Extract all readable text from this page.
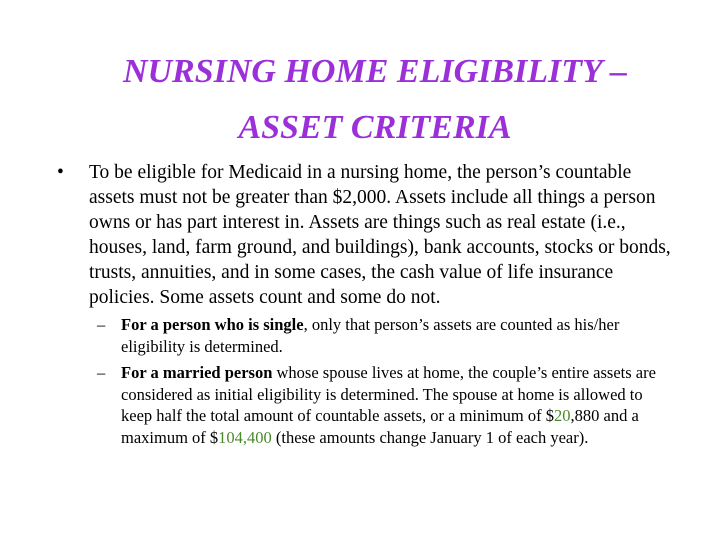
NURSING HOME ELIGIBILITY –
ASSET CRITERIA
•	To be eligible for Medicaid in a nursing home, the person’s countable assets must not be greater than $2,000. Assets include all things a person owns or has part interest in. Assets are things such as real estate (i.e., houses, land, farm ground, and buildings), bank accounts, stocks or bonds, trusts, annuities, and in some cases, the cash value of life insurance policies. Some assets count and some do not.
– For a person who is single, only that person’s assets are counted as his/her eligibility is determined.
– For a married person whose spouse lives at home, the couple’s entire assets are considered as initial eligibility is determined. The spouse at home is allowed to keep half the total amount of countable assets, or a minimum of $20,880 and a maximum of $104,400 (these amounts change January 1 of each year).
